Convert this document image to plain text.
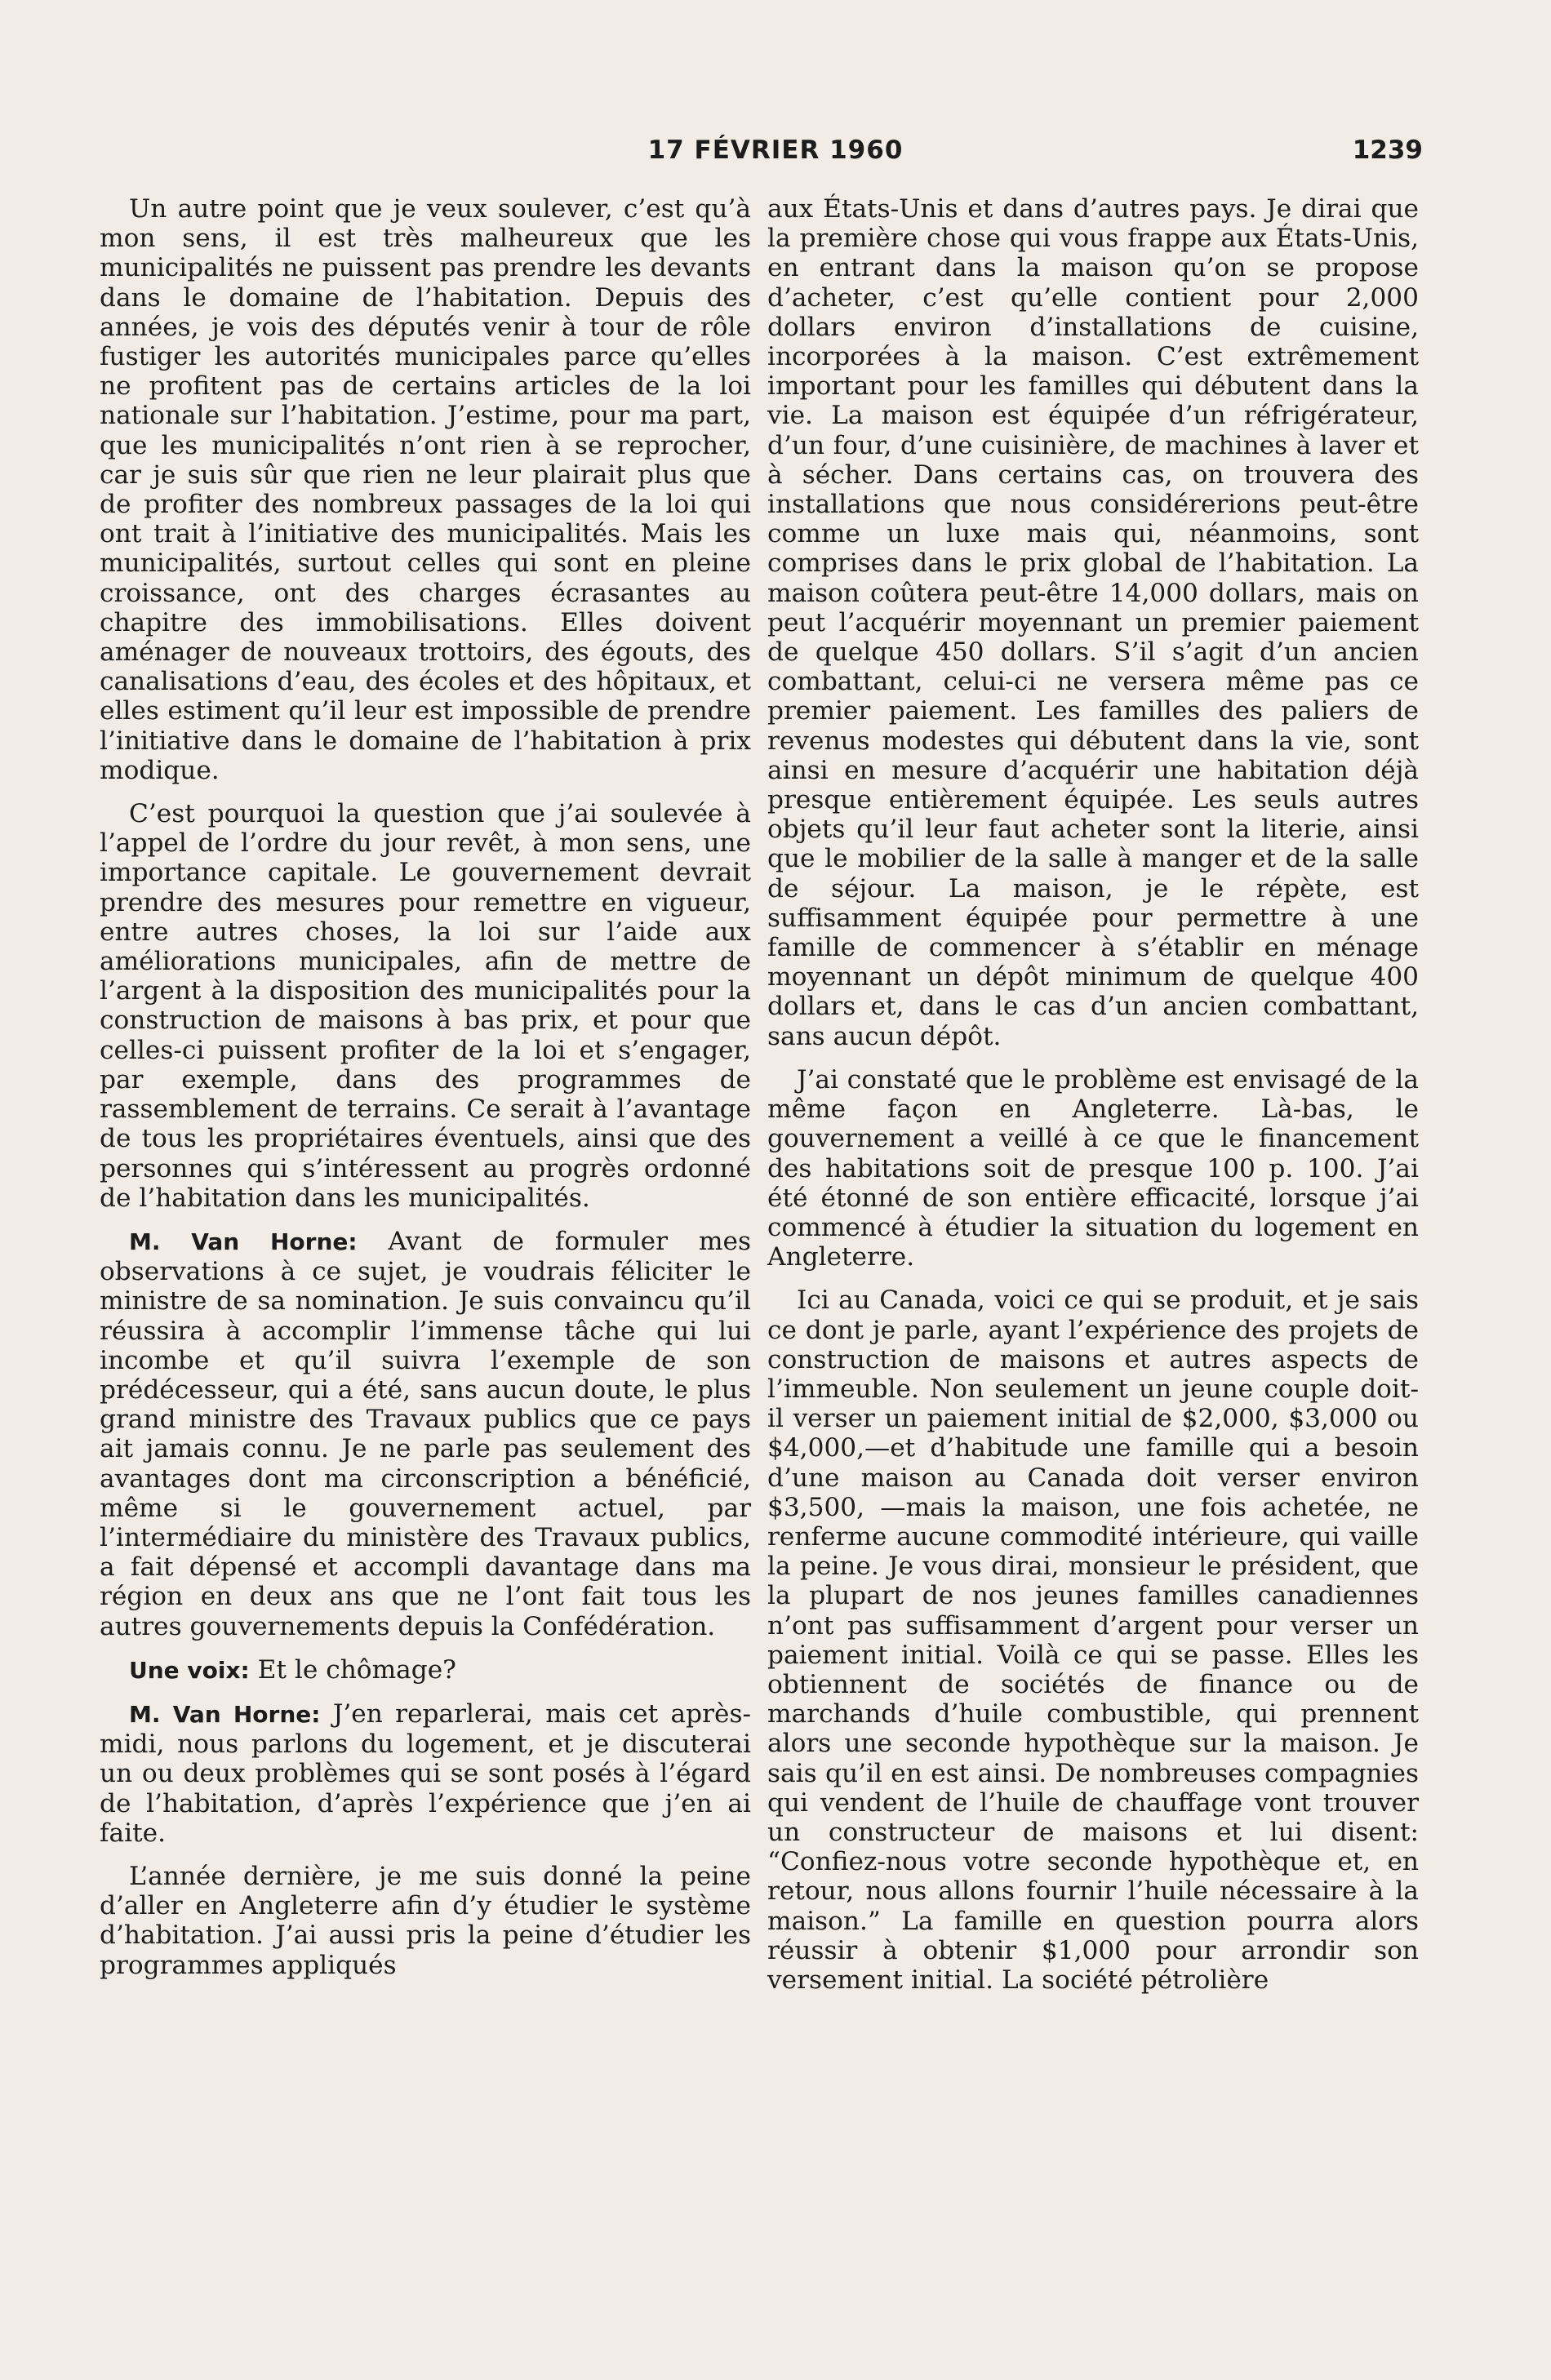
17 FÉVRIER 1960	1239

Un autre point que je veux soulever, c’est qu’à mon sens, il est très malheureux que les municipalités ne puissent pas prendre les devants dans le domaine de l’habitation. Depuis des années, je vois des députés venir à tour de rôle fustiger les autorités municipales parce qu’elles ne profitent pas de certains articles de la loi nationale sur l’habitation. J’estime, pour ma part, que les municipalités n’ont rien à se reprocher, car je suis sûr que rien ne leur plairait plus que de profiter des nombreux passages de la loi qui ont trait à l’initiative des municipalités. Mais les municipalités, surtout celles qui sont en pleine croissance, ont des charges écrasantes au chapitre des immobilisations. Elles doivent aménager de nouveaux trottoirs, des égouts, des canalisations d’eau, des écoles et des hôpitaux, et elles estiment qu’il leur est impossible de prendre l’initiative dans le domaine de l’habitation à prix modique.

C’est pourquoi la question que j’ai soulevée à l’appel de l’ordre du jour revêt, à mon sens, une importance capitale. Le gouvernement devrait prendre des mesures pour remettre en vigueur, entre autres choses, la loi sur l’aide aux améliorations municipales, afin de mettre de l’argent à la disposition des municipalités pour la construction de maisons à bas prix, et pour que celles-ci puissent profiter de la loi et s’engager, par exemple, dans des programmes de rassemblement de terrains. Ce serait à l’avantage de tous les propriétaires éventuels, ainsi que des personnes qui s’intéressent au progrès ordonné de l’habitation dans les municipalités.

M. Van Horne: Avant de formuler mes observations à ce sujet, je voudrais féliciter le ministre de sa nomination. Je suis convaincu qu’il réussira à accomplir l’immense tâche qui lui incombe et qu’il suivra l’exemple de son prédécesseur, qui a été, sans aucun doute, le plus grand ministre des Travaux publics que ce pays ait jamais connu. Je ne parle pas seulement des avantages dont ma circonscription a bénéficié, même si le gouvernement actuel, par l’intermédiaire du ministère des Travaux publics, a fait dépensé et accompli davantage dans ma région en deux ans que ne l’ont fait tous les autres gouvernements depuis la Confédération.

Une voix: Et le chômage?

M. Van Horne: J’en reparlerai, mais cet après-midi, nous parlons du logement, et je discuterai un ou deux problèmes qui se sont posés à l’égard de l’habitation, d’après l’expérience que j’en ai faite.

L’année dernière, je me suis donné la peine d’aller en Angleterre afin d’y étudier le système d’habitation. J’ai aussi pris la peine d’étudier les programmes appliqués

aux États-Unis et dans d’autres pays. Je dirai que la première chose qui vous frappe aux États-Unis, en entrant dans la maison qu’on se propose d’acheter, c’est qu’elle contient pour 2,000 dollars environ d’installations de cuisine, incorporées à la maison. C’est extrêmement important pour les familles qui débutent dans la vie. La maison est équipée d’un réfrigérateur, d’un four, d’une cuisinière, de machines à laver et à sécher. Dans certains cas, on trouvera des installations que nous considérerions peut-être comme un luxe mais qui, néanmoins, sont comprises dans le prix global de l’habitation. La maison coûtera peut-être 14,000 dollars, mais on peut l’acquérir moyennant un premier paiement de quelque 450 dollars. S’il s’agit d’un ancien combattant, celui-ci ne versera même pas ce premier paiement. Les familles des paliers de revenus modestes qui débutent dans la vie, sont ainsi en mesure d’acquérir une habitation déjà presque entièrement équipée. Les seuls autres objets qu’il leur faut acheter sont la literie, ainsi que le mobilier de la salle à manger et de la salle de séjour. La maison, je le répète, est suffisamment équipée pour permettre à une famille de commencer à s’établir en ménage moyennant un dépôt minimum de quelque 400 dollars et, dans le cas d’un ancien combattant, sans aucun dépôt.

J’ai constaté que le problème est envisagé de la même façon en Angleterre. Là-bas, le gouvernement a veillé à ce que le financement des habitations soit de presque 100 p. 100. J’ai été étonné de son entière efficacité, lorsque j’ai commencé à étudier la situation du logement en Angleterre.

Ici au Canada, voici ce qui se produit, et je sais ce dont je parle, ayant l’expérience des projets de construction de maisons et autres aspects de l’immeuble. Non seulement un jeune couple doit-il verser un paiement initial de $2,000, $3,000 ou $4,000,—et d’habitude une famille qui a besoin d’une maison au Canada doit verser environ $3,500, —mais la maison, une fois achetée, ne renferme aucune commodité intérieure, qui vaille la peine. Je vous dirai, monsieur le président, que la plupart de nos jeunes familles canadiennes n’ont pas suffisamment d’argent pour verser un paiement initial. Voilà ce qui se passe. Elles les obtiennent de sociétés de finance ou de marchands d’huile combustible, qui prennent alors une seconde hypothèque sur la maison. Je sais qu’il en est ainsi. De nombreuses compagnies qui vendent de l’huile de chauffage vont trouver un constructeur de maisons et lui disent: “Confiez-nous votre seconde hypothèque et, en retour, nous allons fournir l’huile nécessaire à la maison.” La famille en question pourra alors réussir à obtenir $1,000 pour arrondir son versement initial. La société pétrolière
